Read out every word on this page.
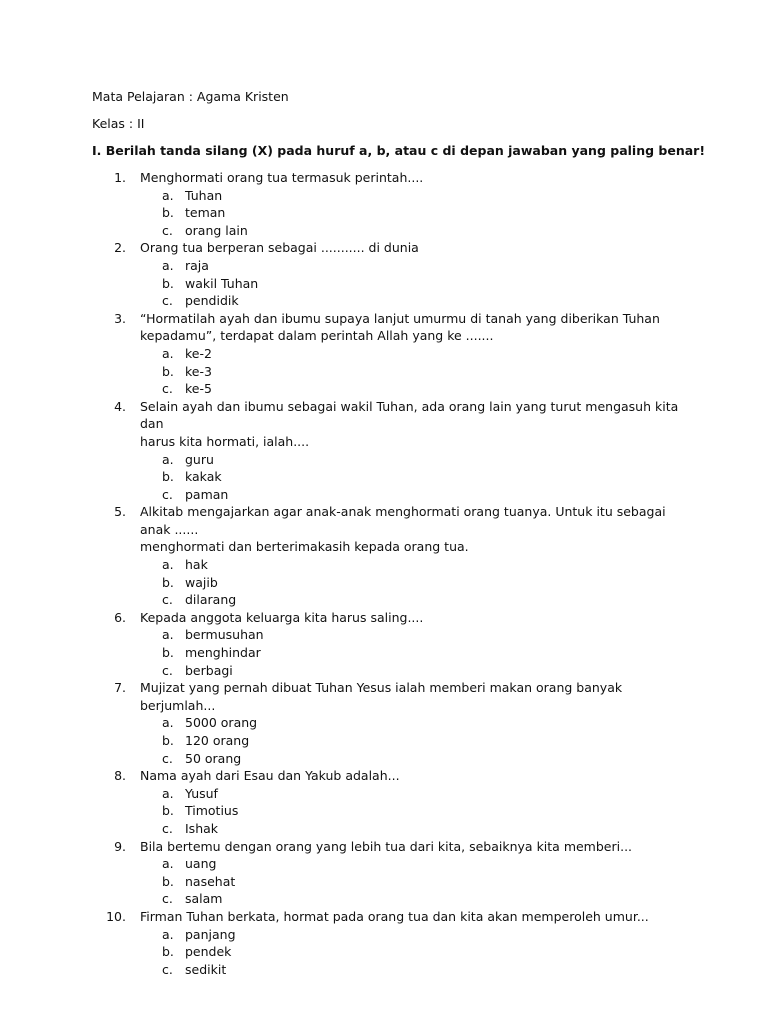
Mata Pelajaran : Agama Kristen
Kelas : II
I. Berilah tanda silang (X) pada huruf a, b, atau c di depan jawaban yang paling benar!
1. Menghormati orang tua termasuk perintah....
a. Tuhan
b. teman
c. orang lain
2. Orang tua berperan sebagai ........... di dunia
a. raja
b. wakil Tuhan
c. pendidik
3. “Hormatilah ayah dan ibumu supaya lanjut umurmu di tanah yang diberikan Tuhan
kepadamu”, terdapat dalam perintah Allah yang ke .......
a. ke-2
b. ke-3
c. ke-5
4. Selain ayah dan ibumu sebagai wakil Tuhan, ada orang lain yang turut mengasuh kita dan
harus kita hormati, ialah....
a. guru
b. kakak
c. paman
5. Alkitab mengajarkan agar anak-anak menghormati orang tuanya. Untuk itu sebagai anak ......
menghormati dan berterimakasih kepada orang tua.
a. hak
b. wajib
c. dilarang
6. Kepada anggota keluarga kita harus saling....
a. bermusuhan
b. menghindar
c. berbagi
7. Mujizat yang pernah dibuat Tuhan Yesus ialah memberi makan orang banyak berjumlah...
a. 5000 orang
b. 120 orang
c. 50 orang
8. Nama ayah dari Esau dan Yakub adalah...
a. Yusuf
b. Timotius
c. Ishak
9. Bila bertemu dengan orang yang lebih tua dari kita, sebaiknya kita memberi...
a. uang
b. nasehat
c. salam
10. Firman Tuhan berkata, hormat pada orang tua dan kita akan memperoleh umur...
a. panjang
b. pendek
c. sedikit
